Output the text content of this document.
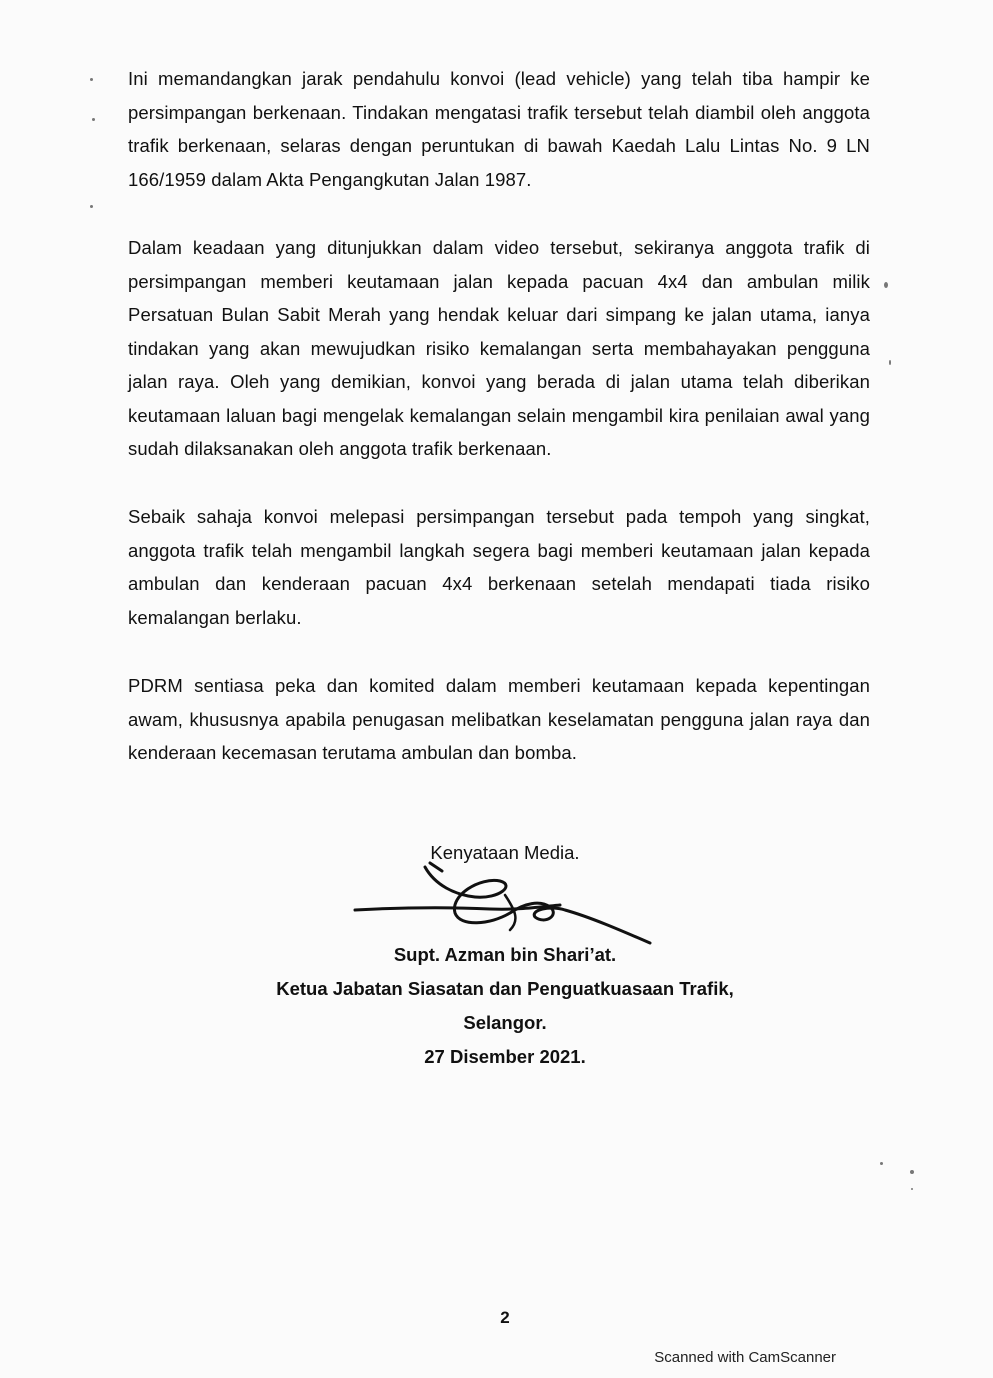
Ini memandangkan jarak pendahulu konvoi (lead vehicle) yang telah tiba hampir ke persimpangan berkenaan. Tindakan mengatasi trafik tersebut telah diambil oleh anggota trafik berkenaan, selaras dengan peruntukan di bawah Kaedah Lalu Lintas No. 9 LN 166/1959 dalam Akta Pengangkutan Jalan 1987.

Dalam keadaan yang ditunjukkan dalam video tersebut, sekiranya anggota trafik di persimpangan memberi keutamaan jalan kepada pacuan 4x4 dan ambulan milik Persatuan Bulan Sabit Merah yang hendak keluar dari simpang ke jalan utama, ianya tindakan yang akan mewujudkan risiko kemalangan serta membahayakan pengguna jalan raya. Oleh yang demikian, konvoi yang berada di jalan utama telah diberikan keutamaan laluan bagi mengelak kemalangan selain mengambil kira penilaian awal yang sudah dilaksanakan oleh anggota trafik berkenaan.

Sebaik sahaja konvoi melepasi persimpangan tersebut pada tempoh yang singkat, anggota trafik telah mengambil langkah segera bagi memberi keutamaan jalan kepada ambulan dan kenderaan pacuan 4x4 berkenaan setelah mendapati tiada risiko kemalangan berlaku.

PDRM sentiasa peka dan komited dalam memberi keutamaan kepada kepentingan awam, khususnya apabila penugasan melibatkan keselamatan pengguna jalan raya dan kenderaan kecemasan terutama ambulan dan bomba.

Kenyataan Media.
Supt. Azman bin Shari’at.
Ketua Jabatan Siasatan dan Penguatkuasaan Trafik,
Selangor.
27 Disember 2021.
2
Scanned with CamScanner
